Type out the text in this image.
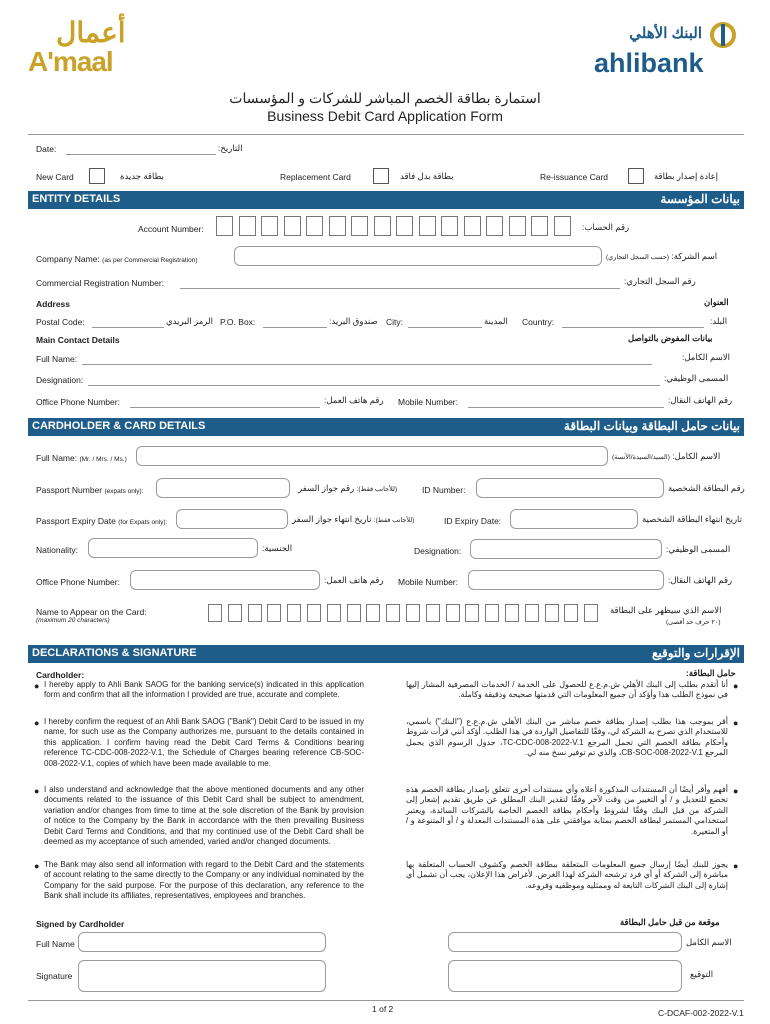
أعمال
A'maal
البنك الأهلي
ahlibank
استمارة بطاقة الخصم المباشر للشركات و المؤسسات
Business Debit Card Application Form
Date:	التاريخ:
New Card	بطاقة جديدة	Replacement Card	بطاقة بدل فاقد	Re-issuance Card	إعادة إصدار بطاقة
ENTITY DETAILS	بيانات المؤسسة
Account Number:	رقم الحساب:
Company Name: (as per Commercial Registration)	اسم الشركة: (حسب السجل التجاري)
Commercial Registration Number:	رقم السجل التجاري:
Address	العنوان
Postal Code:	الرمز البريدي P.O. Box:	صندوق البريد: City:	المدينة Country:	البلد:
Main Contact Details	بيانات المفوض بالتواصل
Full Name:	الاسم الكامل:
Designation:	المسمى الوظيفي:
Office Phone Number:	رقم هاتف العمل: Mobile Number:	رقم الهاتف النقال:
CARDHOLDER & CARD DETAILS	بيانات حامل البطاقة وبيانات البطاقة
Full Name: (Mr. / Mrs. / Ms.)	الاسم الكامل: (السيد/السيدة/الآنسة)
Passport Number (expats only):	(للأجانب فقط): رقم جواز السفر	ID Number:	رقم البطاقة الشخصية
Passport Expiry Date (for Expats only):	(للأجانب فقط): تاريخ انتهاء جواز السفر	ID Expiry Date:	تاريخ انتهاء البطاقة الشخصية
Nationality:	الجنسية:	Designation:	المسمى الوظيفي:
Office Phone Number:	رقم هاتف العمل: Mobile Number:	رقم الهاتف النقال:
Name to Appear on the Card:
(maximum 20 characters)
الاسم الذي سيظهر على البطاقة
(٢٠ حرف حد أقصى)
DECLARATIONS & SIGNATURE	الإقرارات والتوقيع
Cardholder:	حامل البطاقة:
●
I hereby apply to Ahli Bank SAOG for the banking service(s) indicated in this application form and confirm that all the information I provided are true, accurate and complete.
●
أنا أتقدم بطلب إلى البنك الأهلي ش.م.ع.ع للحصول على الخدمة / الخدمات المصرفية المشار إليها في نموذج الطلب هذا وأؤكد أن جميع المعلومات التي قدمتها صحيحة ودقيقة وكاملة.
●
I hereby confirm the request of an Ahli Bank SAOG ("Bank") Debit Card to be issued in my name, for such use as the Company authorizes me, pursuant to the details contained in this application. I confirm having read the Debit Card Terms & Conditions bearing reference TC-CDC-008-2022-V.1, the Schedule of Charges bearing reference CB-SOC-008-2022-V.1, copies of which have been made available to me.
●
أقر بموجب هذا بطلب إصدار بطاقة خصم مباشر من البنك الأهلي ش.م.ع.ع ("البنك") باسمي، للاستخدام الذي تصرح به الشركة لي، وفقًا للتفاصيل الواردة في هذا الطلب. أؤكد أنني قرأت شروط وأحكام بطاقة الخصم التي تحمل المرجع TC-CDC-008-2022-V.1، جدول الرسوم الذي يحمل المرجع CB-SOC-008-2022-V.1، والذي تم توفير نسخ منه لي.
●
I also understand and acknowledge that the above mentioned documents and any other documents related to the issuance of this Debit Card shall be subject to amendment, variation and/or changes from time to time at the sole discretion of the Bank by provision of notice to the Company by the Bank in accordance with the then prevailing Business Debit Card Terms and Conditions, and that my continued use of the Debit Card shall be deemed as my acceptance of such amended, varied and/or changed documents.
●
أفهم وأقر أيضًا أن المستندات المذكورة أعلاه وأي مستندات أخرى تتعلق بإصدار بطاقة الخصم هذه تخضع للتعديل و / أو التغيير من وقت لآخر وفقًا لتقدير البنك المطلق عن طريق تقديم إشعار إلى الشركة من قبل البنك وفقًا لشروط وأحكام بطاقة الخصم الخاصة بالشركات السائدة، ويعتبر استخدامي المستمر لبطاقة الخصم بمثابة موافقتي على هذه المستندات المعدلة و / أو المتنوعة و / أو المتغيرة.
●
The Bank may also send all information with regard to the Debit Card and the statements of account relating to the same directly to the Company or any individual nominated by the Company for the said purpose. For the purpose of this declaration, any reference to the Bank shall include its affiliates, representatives, employees and branches.
●
يجوز للبنك أيضًا إرسال جميع المعلومات المتعلقة ببطاقة الخصم وكشوف الحساب المتعلقة بها مباشرة إلى الشركة أو أي فرد ترشحه الشركة لهذا الغرض. لأغراض هذا الإعلان، يجب أن تشمل أي إشارة إلى البنك الشركات التابعة له وممثليه وموظفيه وفروعه.
Signed by Cardholder	موقعة من قبل حامل البطاقة
Full Name	الاسم الكامل
Signature	التوقيع
1 of 2	C-DCAF-002-2022-V.1
